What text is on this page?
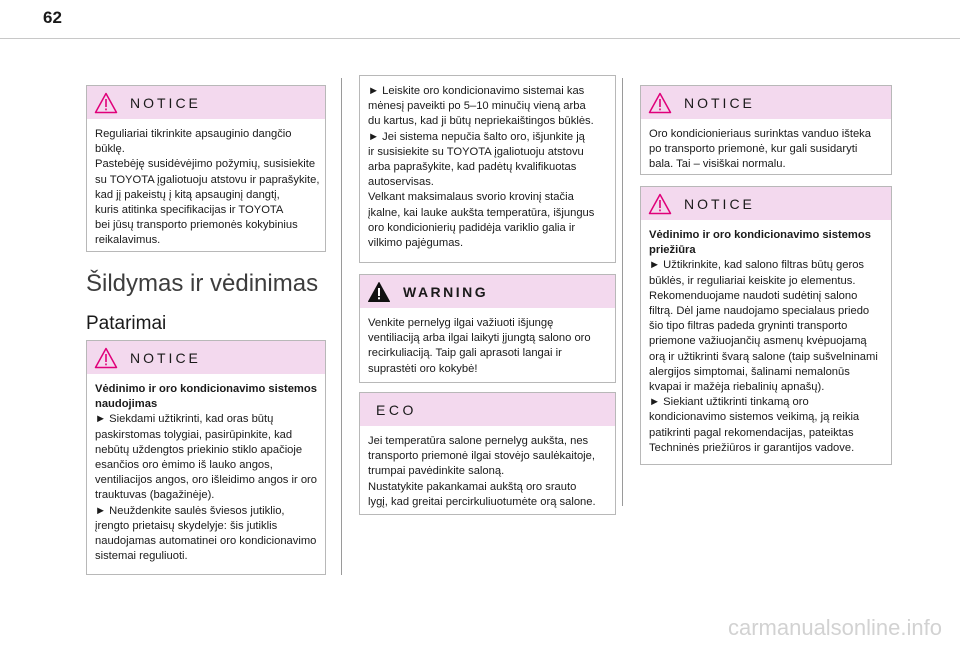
62
NOTICE
Reguliariai tikrinkite apsauginio dangčio
būklę.
Pastebėję susidėvėjimo požymių, susisiekite
su TOYOTA įgaliotuoju atstovu ir paprašykite,
kad jį pakeistų į kitą apsauginį dangtį,
kuris atitinka specifikacijas ir TOYOTA
bei jūsų transporto priemonės kokybinius
reikalavimus.
Šildymas ir vėdinimas
Patarimai
NOTICE
Vėdinimo ir oro kondicionavimo sistemos
naudojimas
► Siekdami užtikrinti, kad oras būtų
paskirstomas tolygiai, pasirūpinkite, kad
nebūtų uždengtos priekinio stiklo apačioje
esančios oro ėmimo iš lauko angos,
ventiliacijos angos, oro išleidimo angos ir oro
trauktuvas (bagažinėje).
► Neuždenkite saulės šviesos jutiklio,
įrengto prietaisų skydelyje: šis jutiklis
naudojamas automatinei oro kondicionavimo
sistemai reguliuoti.
► Leiskite oro kondicionavimo sistemai kas
mėnesį paveikti po 5–10 minučių vieną arba
du kartus, kad ji būtų nepriekaištingos būklės.
► Jei sistema nepučia šalto oro, išjunkite ją
ir susisiekite su TOYOTA įgaliotuoju atstovu
arba paprašykite, kad padėtų kvalifikuotas
autoservisas.
Velkant maksimalaus svorio krovinį stačia
įkalne, kai lauke aukšta temperatūra, išjungus
oro kondicionierių padidėja variklio galia ir
vilkimo pajėgumas.
WARNING
Venkite pernelyg ilgai važiuoti išjungę
ventiliaciją arba ilgai laikyti įjungtą salono oro
recirkuliaciją. Taip gali aprasoti langai ir
suprastėti oro kokybė!
ECO
Jei temperatūra salone pernelyg aukšta, nes
transporto priemonė ilgai stovėjo saulėkaitoje,
trumpai pavėdinkite saloną.
Nustatykite pakankamai aukštą oro srauto
lygį, kad greitai percirkuliuotumėte orą salone.
NOTICE
Oro kondicionieriaus surinktas vanduo išteka
po transporto priemonė, kur gali susidaryti
bala. Tai – visiškai normalu.
NOTICE
Vėdinimo ir oro kondicionavimo sistemos
priežiūra
► Užtikrinkite, kad salono filtras būtų geros
būklės, ir reguliariai keiskite jo elementus.
Rekomenduojame naudoti sudėtinį salono
filtrą. Dėl jame naudojamo specialaus priedo
šio tipo filtras padeda gryninti transporto
priemone važiuojančių asmenų kvėpuojamą
orą ir užtikrinti švarą salone (taip sušvelninami
alergijos simptomai, šalinami nemalonūs
kvapai ir mažėja riebalinių apnašų).
► Siekiant užtikrinti tinkamą oro
kondicionavimo sistemos veikimą, ją reikia
patikrinti pagal rekomendacijas, pateiktas
Techninės priežiūros ir garantijos vadove.
carmanualsonline.info
